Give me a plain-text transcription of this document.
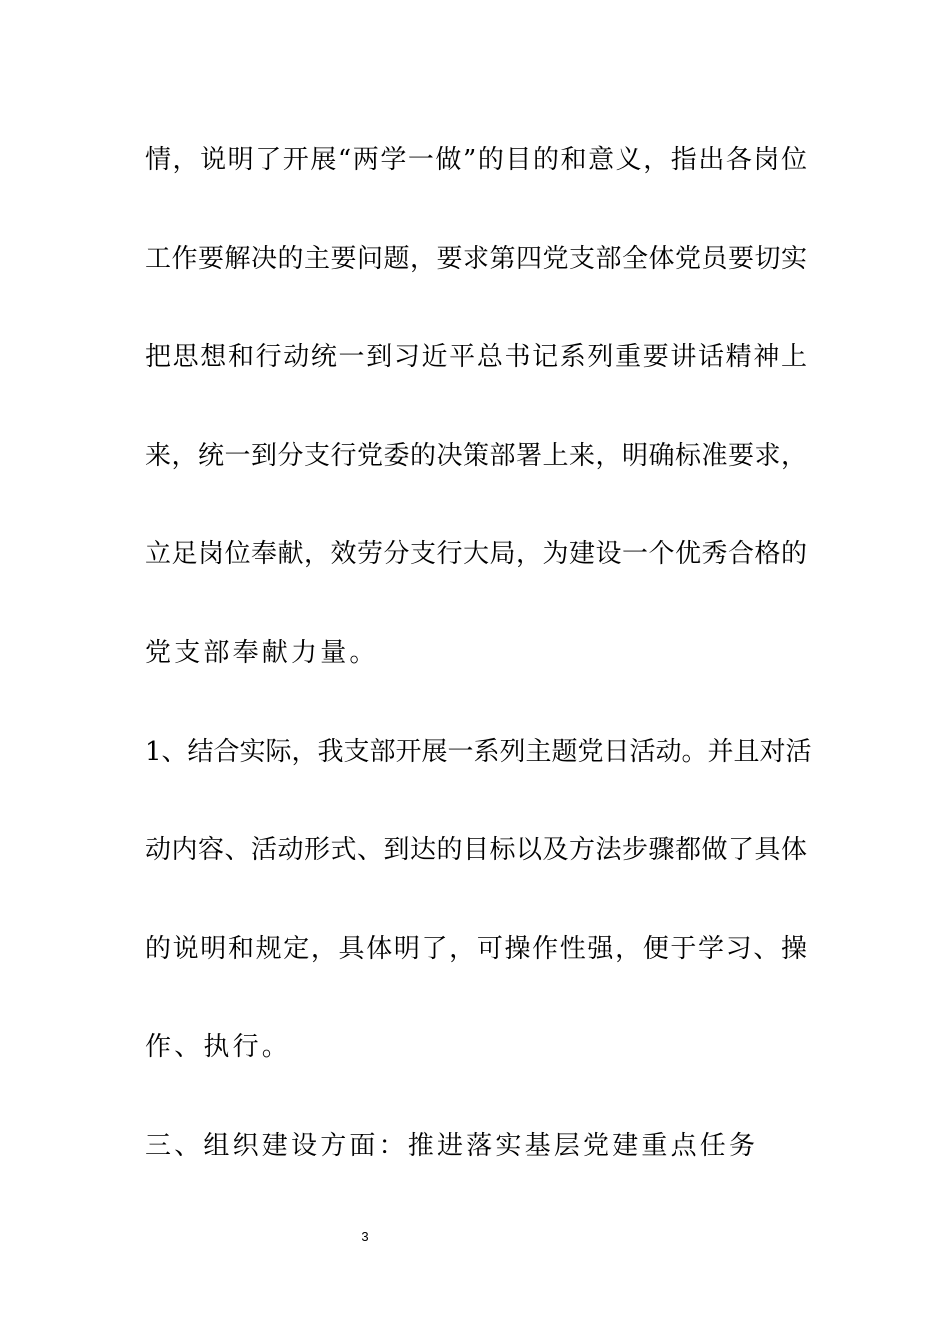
情，说明了开展“两学一做”的目的和意义，指出各岗位
工作要解决的主要问题，要求第四党支部全体党员要切实
把思想和行动统一到习近平总书记系列重要讲话精神上
来，统一到分支行党委的决策部署上来，明确标准要求，
立足岗位奉献，效劳分支行大局，为建设一个优秀合格的
党支部奉献力量。
1、结合实际，我支部开展一系列主题党日活动。并且对活
动内容、活动形式、到达的目标以及方法步骤都做了具体
的说明和规定，具体明了，可操作性强，便于学习、操
作、执行。
三、组织建设方面：推进落实基层党建重点任务
3
